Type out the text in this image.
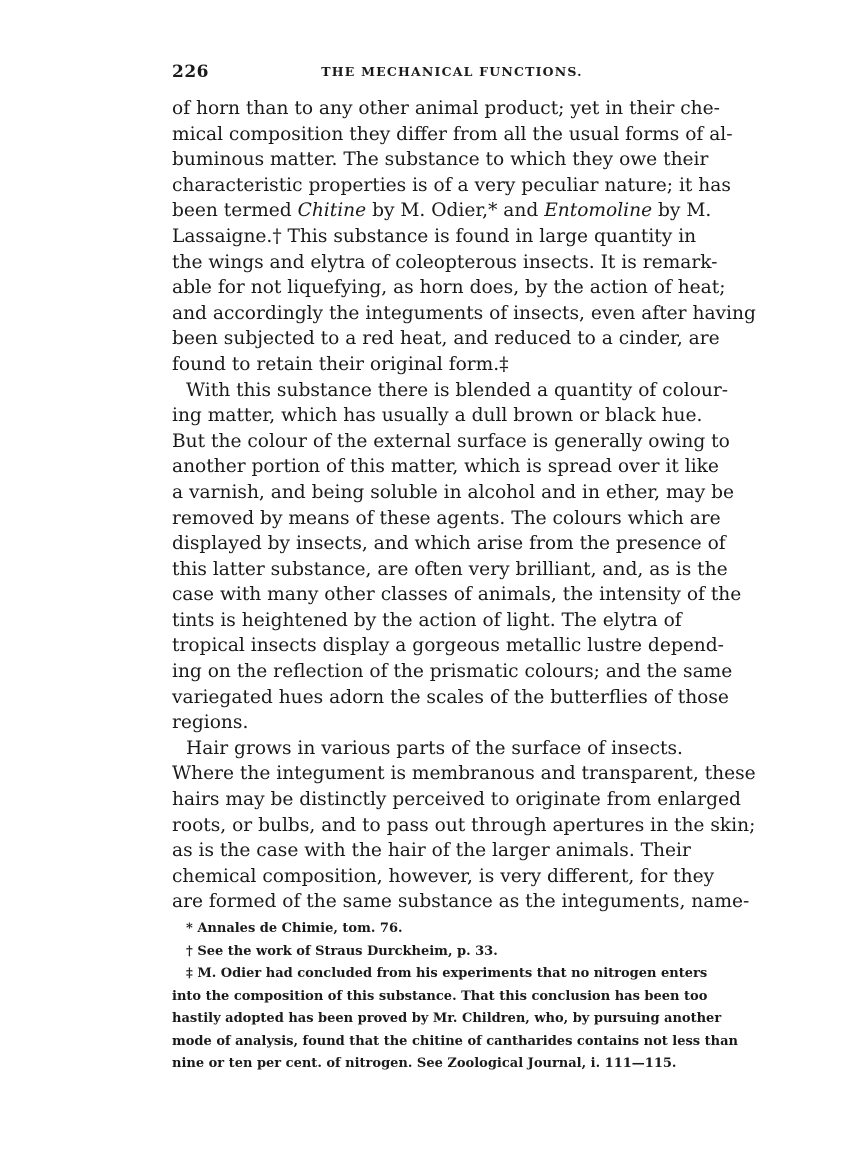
226	THE MECHANICAL FUNCTIONS.
of horn than to any other animal product; yet in their che-
mical composition they differ from all the usual forms of al-
buminous matter. The substance to which they owe their
characteristic properties is of a very peculiar nature; it has
been termed Chitine by M. Odier,* and Entomoline by M.
Lassaigne.† This substance is found in large quantity in
the wings and elytra of coleopterous insects. It is remark-
able for not liquefying, as horn does, by the action of heat;
and accordingly the integuments of insects, even after having
been subjected to a red heat, and reduced to a cinder, are
found to retain their original form.‡
With this substance there is blended a quantity of colour-
ing matter, which has usually a dull brown or black hue.
But the colour of the external surface is generally owing to
another portion of this matter, which is spread over it like
a varnish, and being soluble in alcohol and in ether, may be
removed by means of these agents. The colours which are
displayed by insects, and which arise from the presence of
this latter substance, are often very brilliant, and, as is the
case with many other classes of animals, the intensity of the
tints is heightened by the action of light. The elytra of
tropical insects display a gorgeous metallic lustre depend-
ing on the reflection of the prismatic colours; and the same
variegated hues adorn the scales of the butterflies of those
regions.
Hair grows in various parts of the surface of insects.
Where the integument is membranous and transparent, these
hairs may be distinctly perceived to originate from enlarged
roots, or bulbs, and to pass out through apertures in the skin;
as is the case with the hair of the larger animals. Their
chemical composition, however, is very different, for they
are formed of the same substance as the integuments, name-
* Annales de Chimie, tom. 76.
† See the work of Straus Durckheim, p. 33.
‡ M. Odier had concluded from his experiments that no nitrogen enters
into the composition of this substance. That this conclusion has been too
hastily adopted has been proved by Mr. Children, who, by pursuing another
mode of analysis, found that the chitine of cantharides contains not less than
nine or ten per cent. of nitrogen. See Zoological Journal, i. 111—115.
